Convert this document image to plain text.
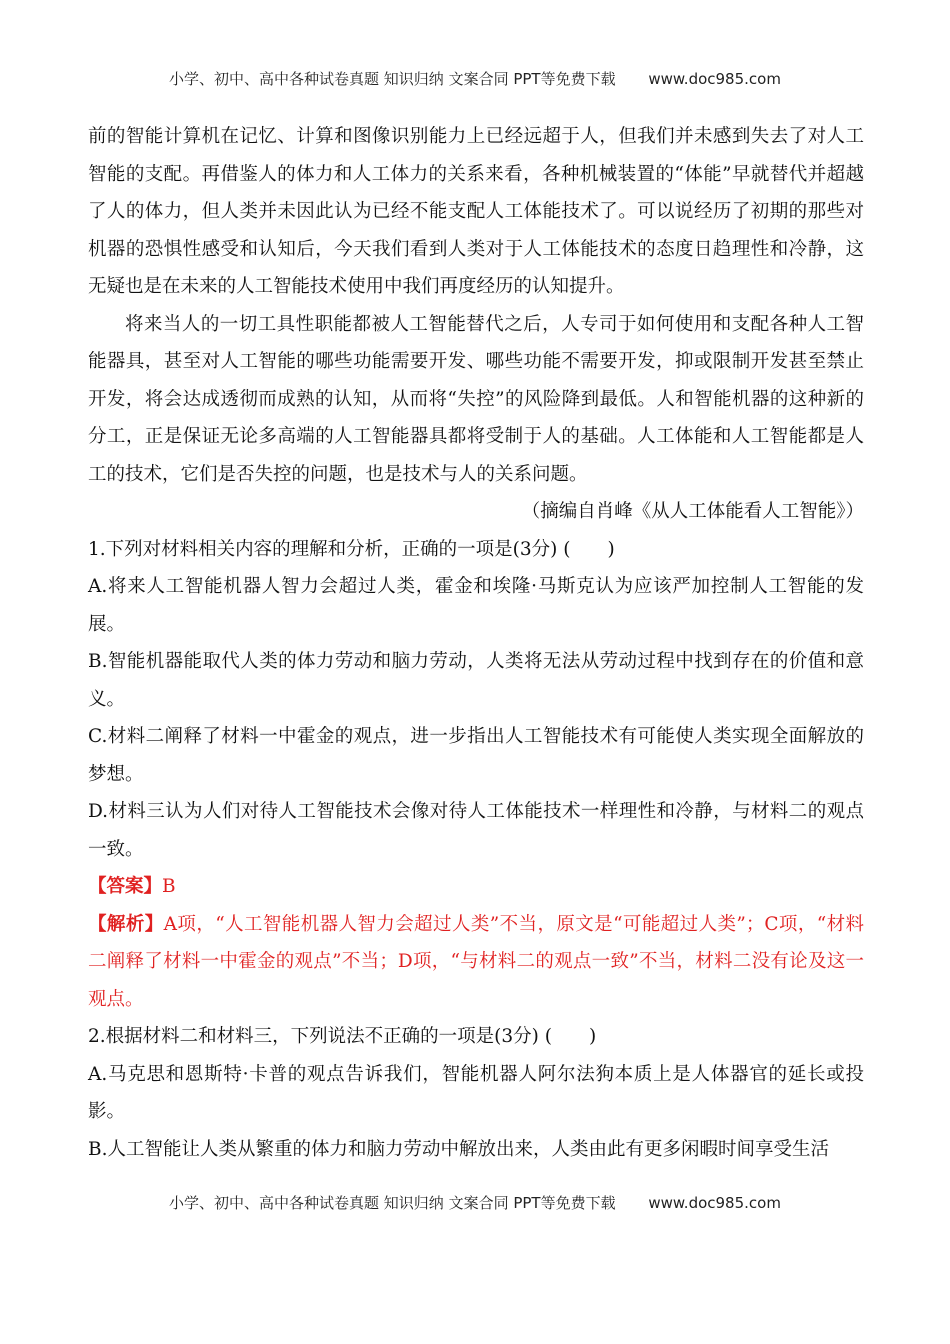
小学、初中、高中各种试卷真题 知识归纳 文案合同 PPT等免费下载 www.doc985.com

前的智能计算机在记忆、计算和图像识别能力上已经远超于人，但我们并未感到失去了对人工智能的支配。再借鉴人的体力和人工体力的关系来看，各种机械装置的“体能”早就替代并超越了人的体力，但人类并未因此认为已经不能支配人工体能技术了。可以说经历了初期的那些对机器的恐惧性感受和认知后，今天我们看到人类对于人工体能技术的态度日趋理性和冷静，这无疑也是在未来的人工智能技术使用中我们再度经历的认知提升。

将来当人的一切工具性职能都被人工智能替代之后，人专司于如何使用和支配各种人工智能器具，甚至对人工智能的哪些功能需要开发、哪些功能不需要开发，抑或限制开发甚至禁止开发，将会达成透彻而成熟的认知，从而将“失控”的风险降到最低。人和智能机器的这种新的分工，正是保证无论多高端的人工智能器具都将受制于人的基础。人工体能和人工智能都是人工的技术，它们是否失控的问题，也是技术与人的关系问题。

（摘编自肖峰《从人工体能看人工智能》）

1.下列对材料相关内容的理解和分析，正确的一项是(3分) (　　)

A.将来人工智能机器人智力会超过人类，霍金和埃隆·马斯克认为应该严加控制人工智能的发展。

B.智能机器能取代人类的体力劳动和脑力劳动，人类将无法从劳动过程中找到存在的价值和意义。

C.材料二阐释了材料一中霍金的观点，进一步指出人工智能技术有可能使人类实现全面解放的梦想。

D.材料三认为人们对待人工智能技术会像对待人工体能技术一样理性和冷静，与材料二的观点一致。

【答案】B

【解析】A项，“人工智能机器人智力会超过人类”不当，原文是“可能超过人类”；C项，“材料二阐释了材料一中霍金的观点”不当；D项，“与材料二的观点一致”不当，材料二没有论及这一观点。

2.根据材料二和材料三，下列说法不正确的一项是(3分) (　　)

A.马克思和恩斯特·卡普的观点告诉我们，智能机器人阿尔法狗本质上是人体器官的延长或投影。

B.人工智能让人类从繁重的体力和脑力劳动中解放出来，人类由此有更多闲暇时间享受生活

小学、初中、高中各种试卷真题 知识归纳 文案合同 PPT等免费下载 www.doc985.com
